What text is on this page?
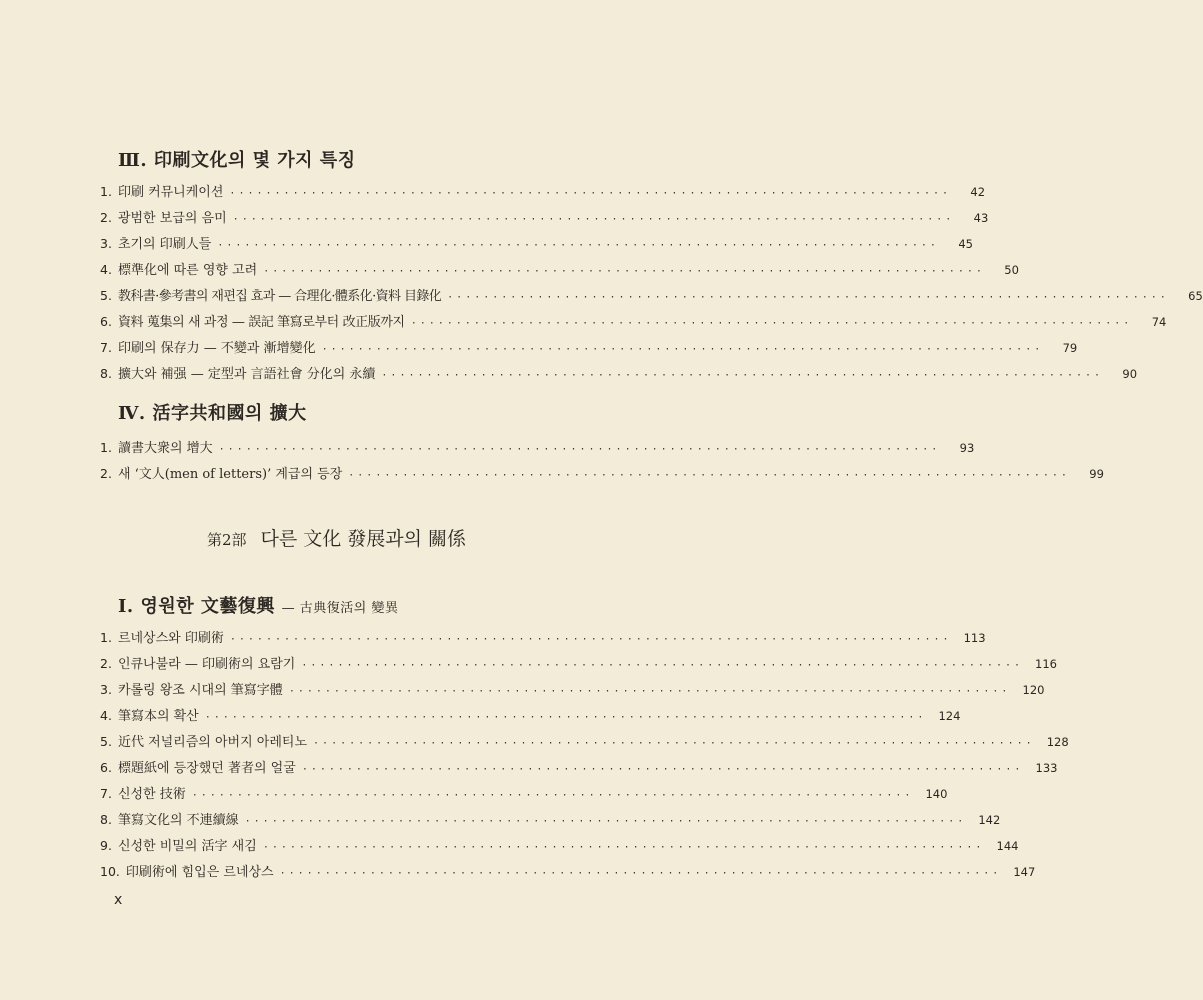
Ⅲ. 印刷文化의 몇 가지 특징
1. 印刷 커뮤니케이션 ················································································	42
2. 광범한 보급의 음미 ················································································	43
3. 초기의 印刷人들 ················································································	45
4. 標準化에 따른 영향 고려 ················································································	50
5. 教科書·參考書의 재편집 효과 — 合理化·體系化·資料 目錄化 ················································································	65
6. 資料 蒐集의 새 과정 — 誤記 筆寫로부터 改正版까지 ················································································	74
7. 印刷의 保存力 — 不變과 漸增變化 ················································································	79
8. 擴大와 補强 — 定型과 言語社會 分化의 永續 ················································································	90
Ⅳ. 活字共和國의 擴大
1. 讀書大衆의 增大 ················································································	93
2. 새 ‘文人(men of letters)’ 계급의 등장 ················································································	99
第2部 다른 文化 發展과의 關係
Ⅰ. 영원한 文藝復興 — 古典復活의 變異
1. 르네상스와 印刷術 ················································································	113
2. 인큐나불라 — 印刷術의 요람기 ················································································	116
3. 카롤링 왕조 시대의 筆寫字體 ················································································	120
4. 筆寫本의 확산 ················································································	124
5. 近代 저널리즘의 아버지 아레티노 ················································································	128
6. 標題紙에 등장했던 著者의 얼굴 ················································································	133
7. 신성한 技術 ················································································	140
8. 筆寫文化의 不連續線 ················································································	142
9. 신성한 비밀의 活字 새김 ················································································	144
10. 印刷術에 힘입은 르네상스 ················································································	147
x
